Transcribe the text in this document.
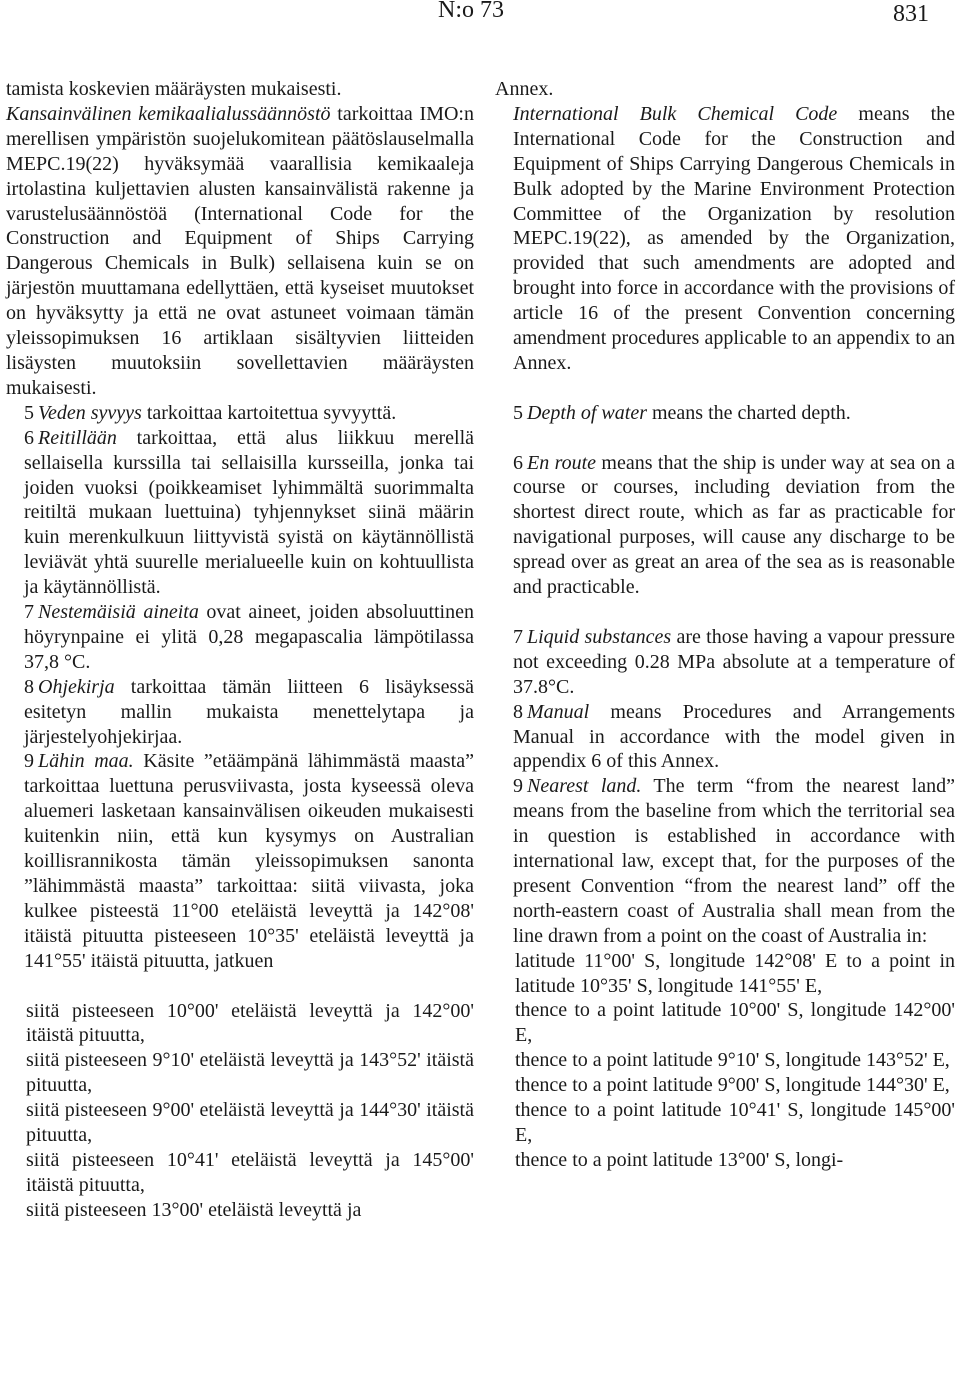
N:o 73	831

tamista koskevien määräysten mukaisesti.

Kansainvälinen kemikaalialussäännöstö tarkoittaa IMO:n merellisen ympäristön suojelukomitean päätöslauselmalla MEPC.19(22) hyväksymää vaarallisia kemikaaleja irtolastina kuljettavien alusten kansainvälistä rakenne ja varustelusäännöstöä (International Code for the Construction and Equipment of Ships Carrying Dangerous Chemicals in Bulk) sellaisena kuin se on järjestön muuttamana edellyttäen, että kyseiset muutokset on hyväksytty ja että ne ovat astuneet voimaan tämän yleissopimuksen 16 artiklaan sisältyvien liitteiden lisäysten muutoksiin sovellettavien määräysten mukaisesti.

5 Veden syvyys tarkoittaa kartoitettua syvyyttä.

6 Reitillään tarkoittaa, että alus liikkuu merellä sellaisella kurssilla tai sellaisilla kursseilla, jonka tai joiden vuoksi (poikkeamiset lyhimmältä suorimmalta reitiltä mukaan luettuina) tyhjennykset siinä määrin kuin merenkulkuun liittyvistä syistä on käytännöllistä leviävät yhtä suurelle merialueelle kuin on kohtuullista ja käytännöllistä.

7 Nestemäisiä aineita ovat aineet, joiden absoluuttinen höyrynpaine ei ylitä 0,28 megapascalia lämpötilassa 37,8 °C.

8 Ohjekirja tarkoittaa tämän liitteen 6 lisäyksessä esitetyn mallin mukaista menettelytapa ja järjestelyohjekirjaa.

9 Lähin maa. Käsite ”etäämpänä lähimmästä maasta” tarkoittaa luettuna perusviivasta, josta kyseessä oleva aluemeri lasketaan kansainvälisen oikeuden mukaisesti kuitenkin niin, että kun kysymys on Australian koillisrannikosta tämän yleissopimuksen sanonta ”lähimmästä maasta” tarkoittaa: siitä viivasta, joka kulkee pisteestä 11°00 eteläistä leveyttä ja 142°08' itäistä pituutta pisteeseen 10°35' eteläistä leveyttä ja 141°55' itäistä pituutta, jatkuen

siitä pisteeseen 10°00' eteläistä leveyttä ja 142°00' itäistä pituutta,

siitä pisteeseen 9°10' eteläistä leveyttä ja 143°52' itäistä pituutta,

siitä pisteeseen 9°00' eteläistä leveyttä ja 144°30' itäistä pituutta,

siitä pisteeseen 10°41' eteläistä leveyttä ja 145°00' itäistä pituutta,

siitä pisteeseen 13°00' eteläistä leveyttä ja

Annex.

International Bulk Chemical Code means the International Code for the Construction and Equipment of Ships Carrying Dangerous Chemicals in Bulk adopted by the Marine Environment Protection Committee of the Organization by resolution MEPC.19(22), as amended by the Organization, provided that such amendments are adopted and brought into force in accordance with the provisions of article 16 of the present Convention concerning amendment procedures applicable to an appendix to an Annex.

5 Depth of water means the charted depth.

6 En route means that the ship is under way at sea on a course or courses, including deviation from the shortest direct route, which as far as practicable for navigational purposes, will cause any discharge to be spread over as great an area of the sea as is reasonable and practicable.

7 Liquid substances are those having a vapour pressure not exceeding 0.28 MPa absolute at a temperature of 37.8°C.

8 Manual means Procedures and Arrangements Manual in accordance with the model given in appendix 6 of this Annex.

9 Nearest land. The term “from the nearest land” means from the baseline from which the territorial sea in question is established in accordance with international law, except that, for the purposes of the present Convention “from the nearest land” off the north-eastern coast of Australia shall mean from the line drawn from a point on the coast of Australia in:

latitude 11°00' S, longitude 142°08' E to a point in latitude 10°35' S, longitude 141°55' E,

thence to a point latitude 10°00' S, longitude 142°00' E,

thence to a point latitude 9°10' S, longitude 143°52' E,

thence to a point latitude 9°00' S, longitude 144°30' E,

thence to a point latitude 10°41' S, longitude 145°00' E,

thence to a point latitude 13°00' S, longi-
